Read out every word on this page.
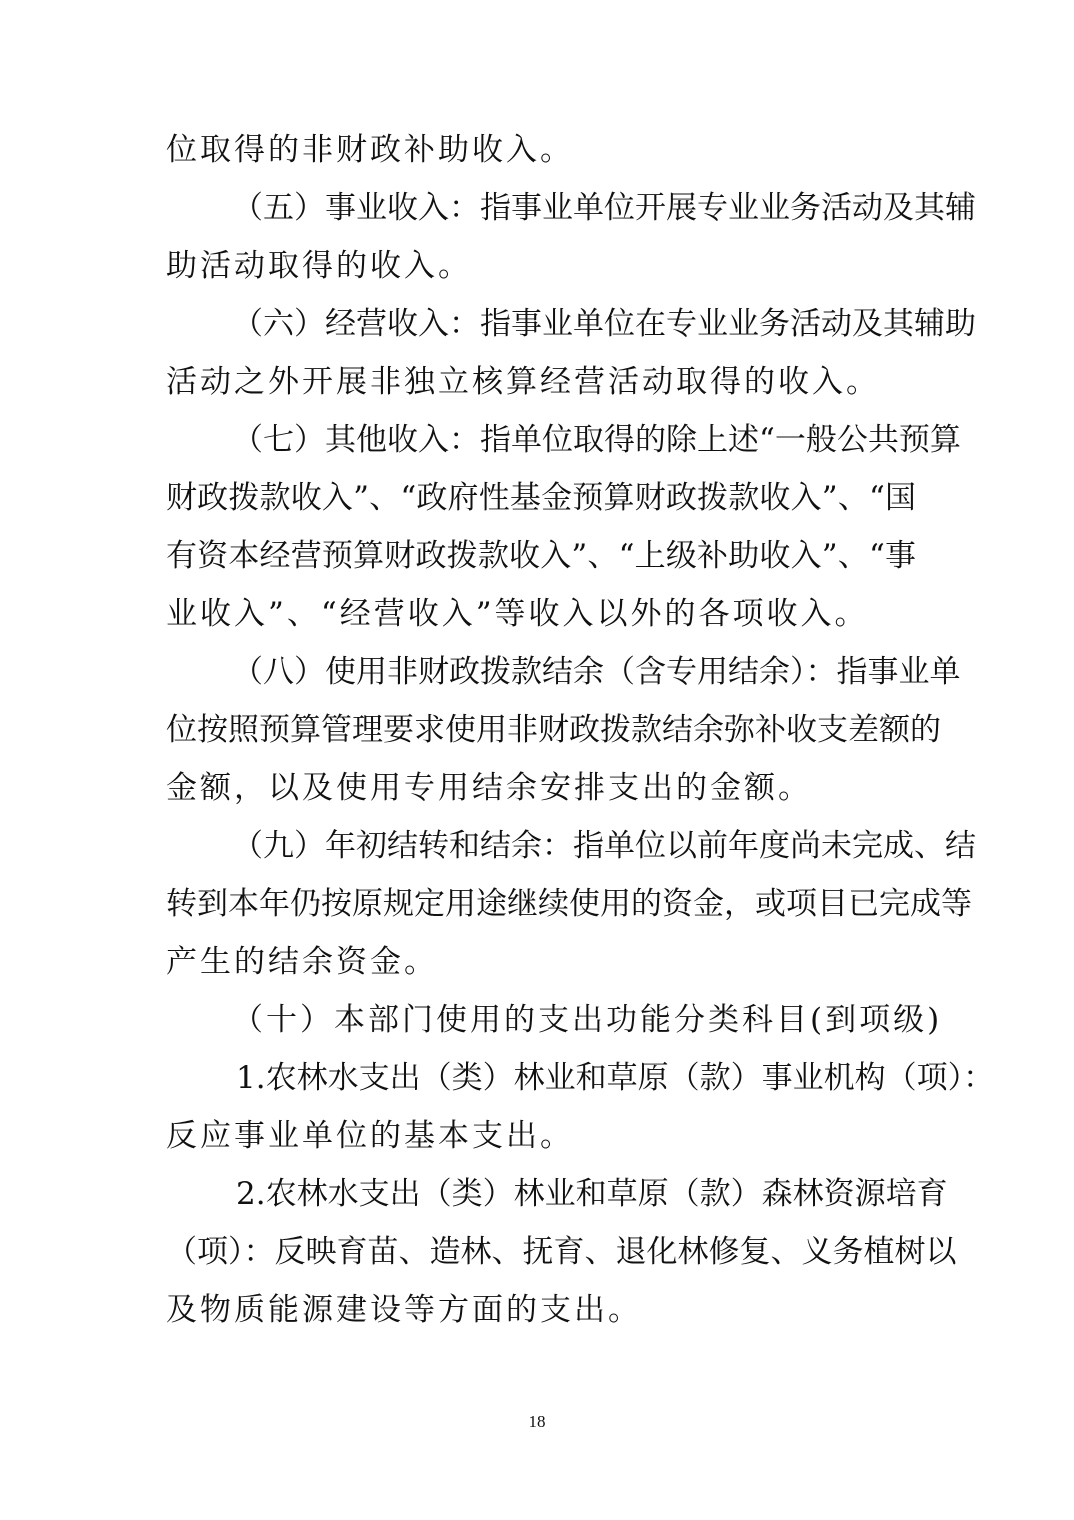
位取得的非财政补助收入。
（五）事业收入：指事业单位开展专业业务活动及其辅
助活动取得的收入。
（六）经营收入：指事业单位在专业业务活动及其辅助
活动之外开展非独立核算经营活动取得的收入。
（七）其他收入：指单位取得的除上述“一般公共预算
财政拨款收入”、“政府性基金预算财政拨款收入”、“国
有资本经营预算财政拨款收入”、“上级补助收入”、“事
业收入”、“经营收入”等收入以外的各项收入。
（八）使用非财政拨款结余（含专用结余）：指事业单
位按照预算管理要求使用非财政拨款结余弥补收支差额的
金额，以及使用专用结余安排支出的金额。
（九）年初结转和结余：指单位以前年度尚未完成、结
转到本年仍按原规定用途继续使用的资金，或项目已完成等
产生的结余资金。
（十）本部门使用的支出功能分类科目(到项级)
1.农林水支出（类）林业和草原（款）事业机构（项）：
反应事业单位的基本支出。
2.农林水支出（类）林业和草原（款）森林资源培育
（项）：反映育苗、造林、抚育、退化林修复、义务植树以
及物质能源建设等方面的支出。
18
